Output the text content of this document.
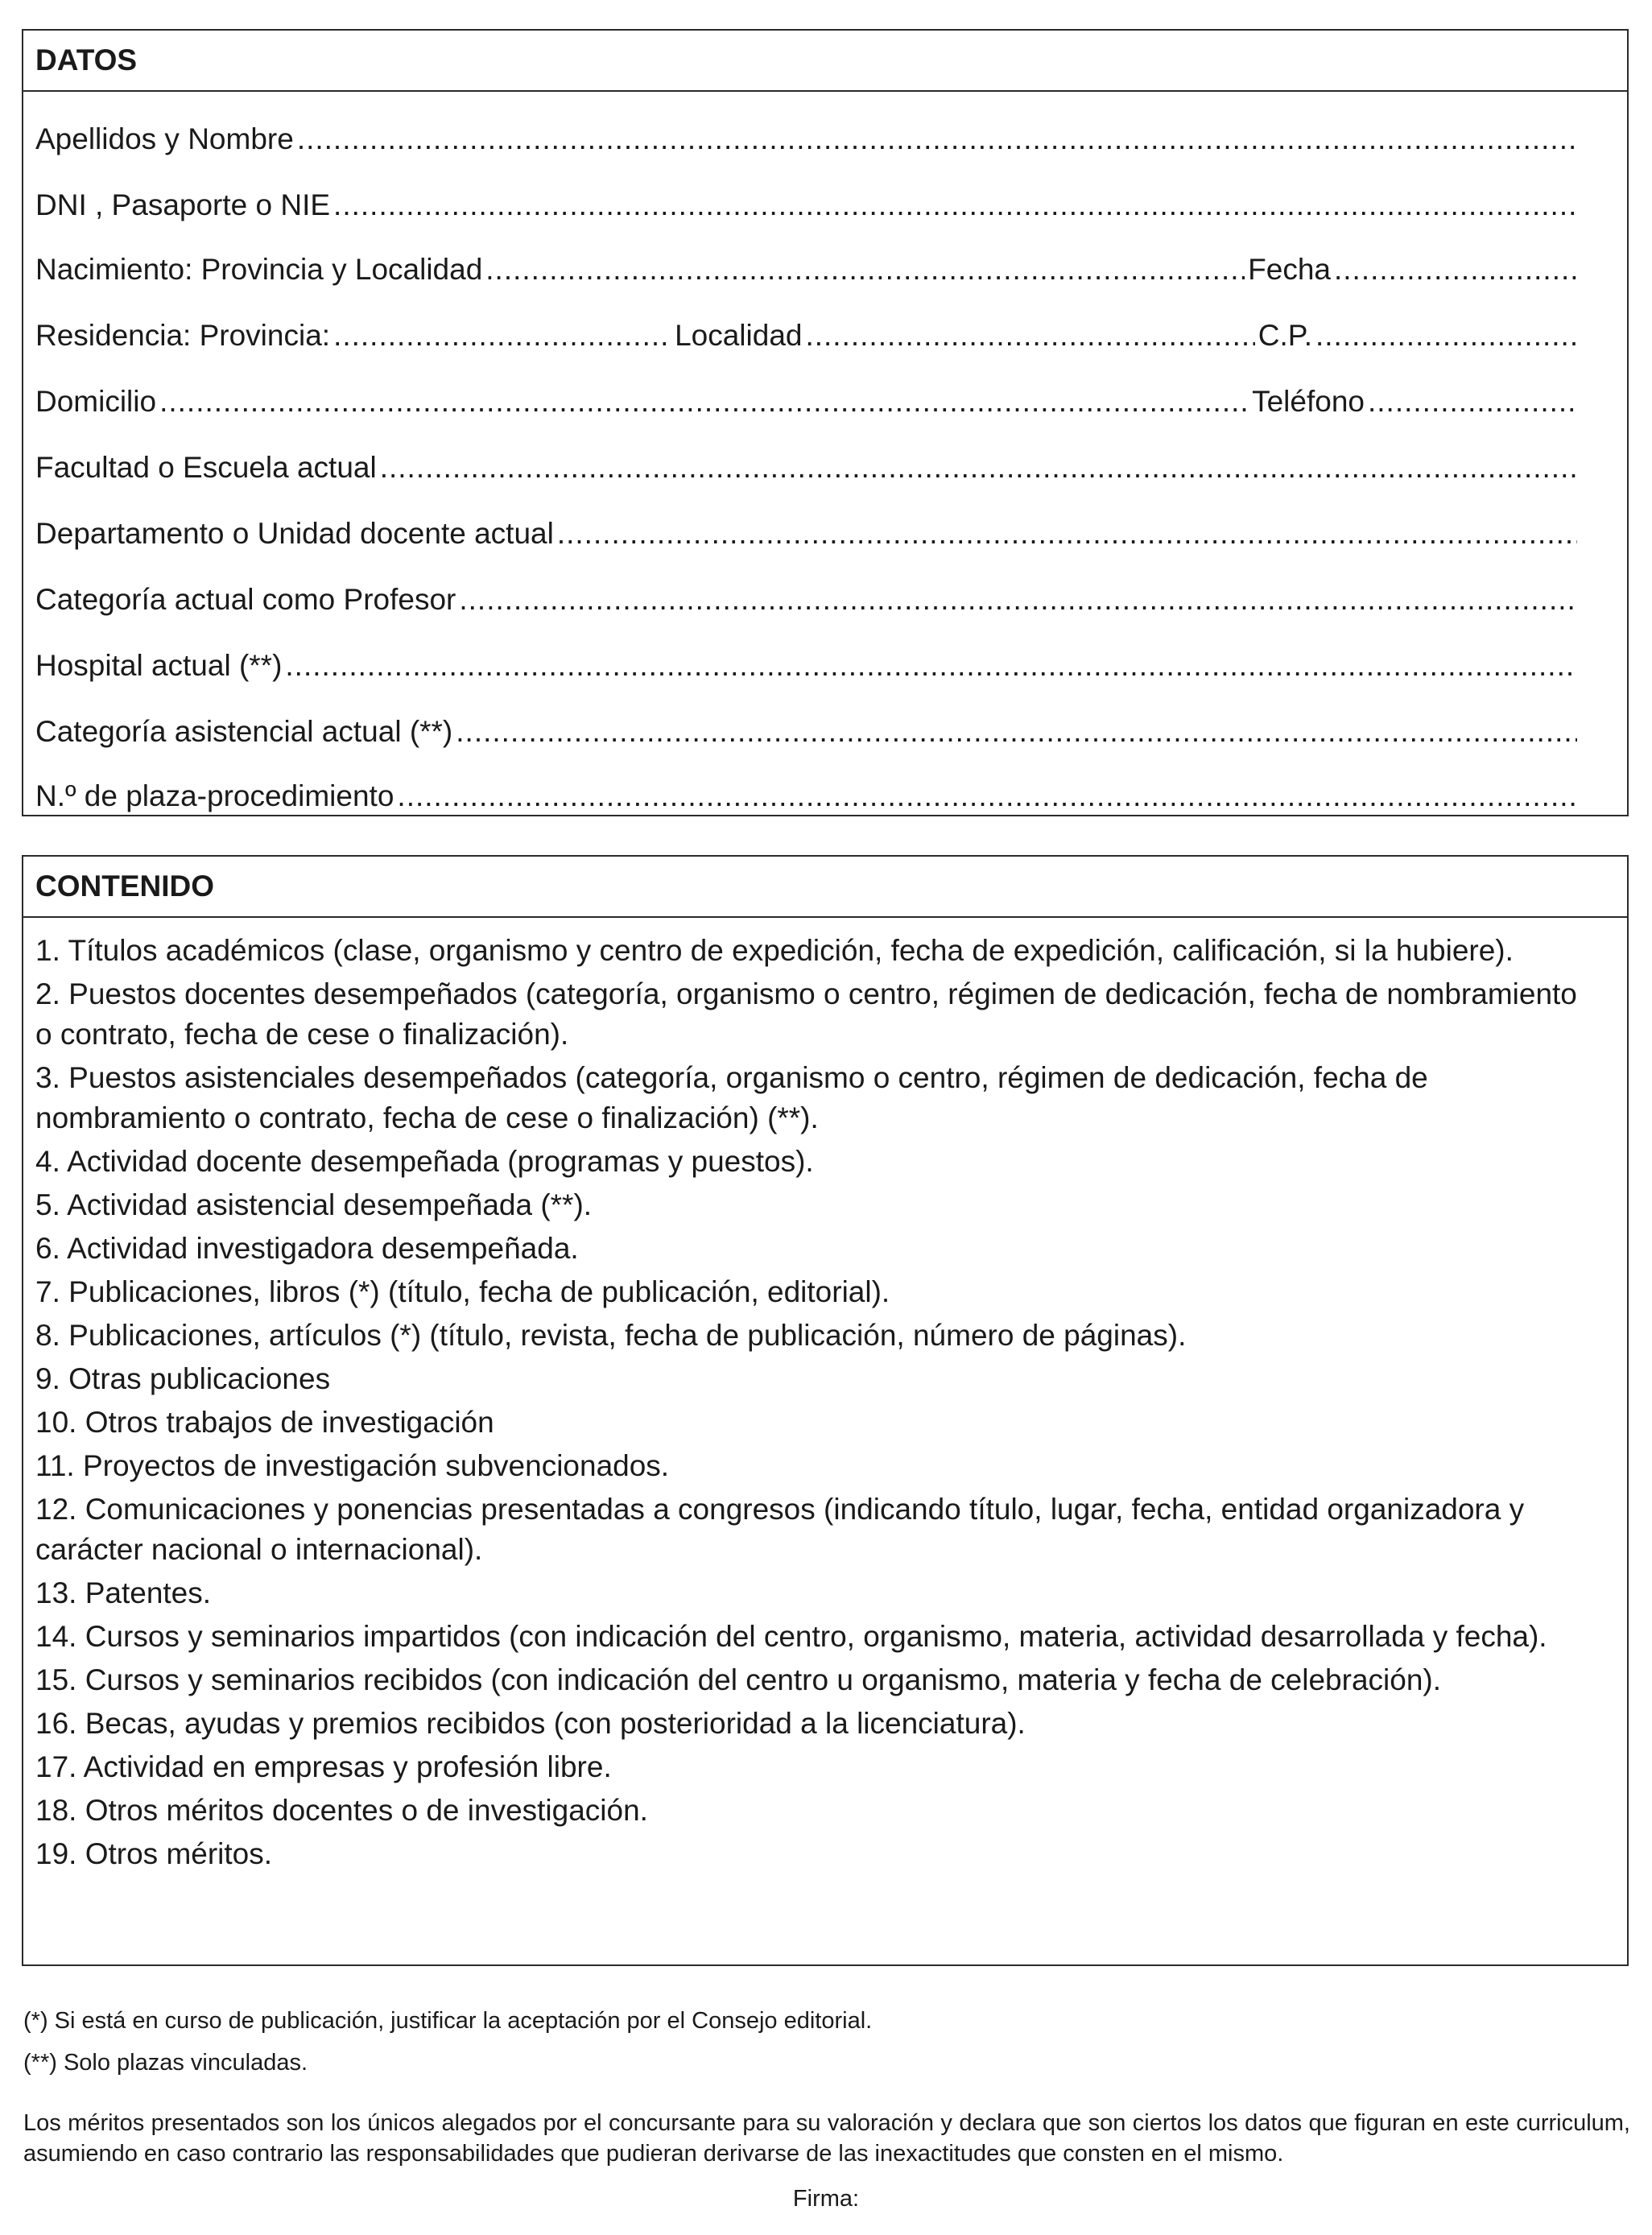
DATOS
Apellidos y Nombre
.....
DNI , Pasaporte o NIE
.....
Nacimiento: Provincia y Localidad .....	Fecha
.....
Residencia: Provincia: .....	Localidad .....	C.P.
.....
Domicilio .....	Teléfono
.....
Facultad o Escuela actual
.....
Departamento o Unidad docente actual
.....
Categoría actual como Profesor
.....
Hospital actual (**)
.....
Categoría asistencial actual (**)
.....
N.º de plaza-procedimiento
.....
CONTENIDO
1. Títulos académicos (clase, organismo y centro de expedición, fecha de expedición, calificación, si la hubiere).
2. Puestos docentes desempeñados (categoría, organismo o centro, régimen de dedicación, fecha de nombramiento o contrato, fecha de cese o finalización).
3. Puestos asistenciales desempeñados (categoría, organismo o centro, régimen de dedicación, fecha de nombramiento o contrato, fecha de cese o finalización) (**).
4. Actividad docente desempeñada (programas y puestos).
5. Actividad asistencial desempeñada (**).
6. Actividad investigadora desempeñada.
7. Publicaciones, libros (*) (título, fecha de publicación, editorial).
8. Publicaciones, artículos (*) (título, revista, fecha de publicación, número de páginas).
9. Otras publicaciones
10. Otros trabajos de investigación
11. Proyectos de investigación subvencionados.
12. Comunicaciones y ponencias presentadas a congresos (indicando título, lugar, fecha, entidad organizadora y carácter nacional o internacional).
13. Patentes.
14. Cursos y seminarios impartidos (con indicación del centro, organismo, materia, actividad desarrollada y fecha).
15. Cursos y seminarios recibidos (con indicación del centro u organismo, materia y fecha de celebración).
16. Becas, ayudas y premios recibidos (con posterioridad a la licenciatura).
17. Actividad en empresas y profesión libre.
18. Otros méritos docentes o de investigación.
19. Otros méritos.
(*) Si está en curso de publicación, justificar la aceptación por el Consejo editorial.
(**) Solo plazas vinculadas.
Los méritos presentados son los únicos alegados por el concursante para su valoración y declara que son ciertos los datos que figuran en este curriculum, asumiendo en caso contrario las responsabilidades que pudieran derivarse de las inexactitudes que consten en el mismo.
Firma:
